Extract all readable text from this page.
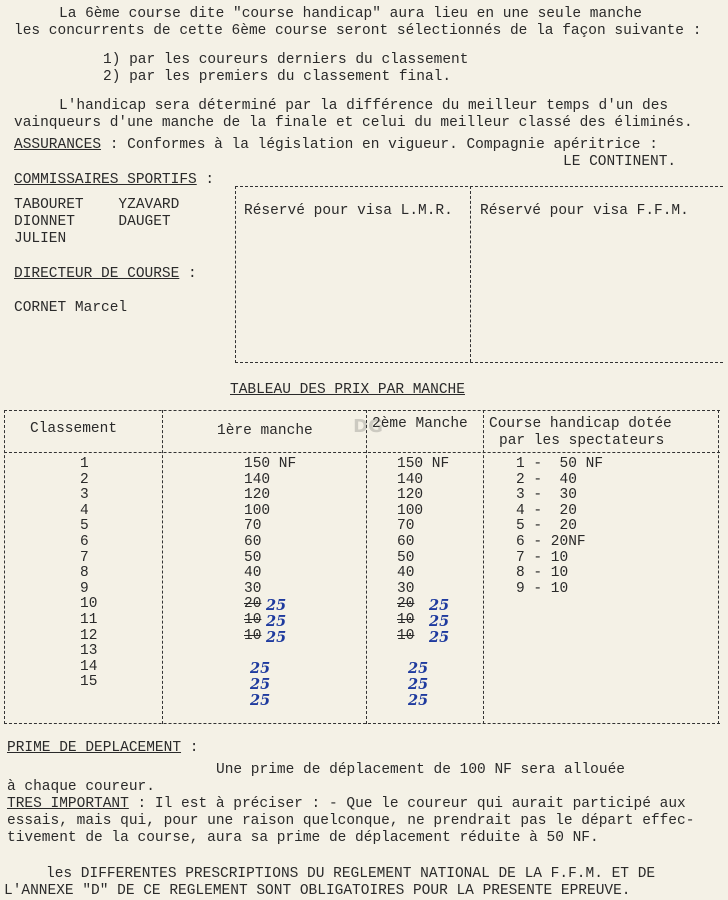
La 6ème course dite "course handicap" aura lieu en une seule manche
les concurrents de cette 6ème course seront sélectionnés de la façon suivante :
1) par les coureurs derniers du classement
2) par les premiers du classement final.
L'handicap sera déterminé par la différence du meilleur temps d'un des
vainqueurs d'une manche de la finale et celui du meilleur classé des éliminés.
ASSURANCES : Conformes à la législation en vigueur. Compagnie apéritrice :
LE CONTINENT.
COMMISSAIRES SPORTIFS :
TABOURET    YZAVARD
DIONNET     DAUGET
JULIEN
Réservé pour visa L.M.R. Réservé pour visa F.F.M.
DIRECTEUR DE COURSE :
CORNET Marcel
TABLEAU DES PRIX PAR MANCHE
Classement	1ère manche	2ème Manche Course handicap dotée
par les spectateurs
1
2
3
4
5
6
7
8
9
10
11
12
13
14
15
150 NF
140
120
100
70
60
50
40
30
20
10
10
150 NF
140
120
100
70
60
50
40
30
20
10
10
1 -  50 NF
2 -  40
3 -  30
4 -  20
5 -  20
6 - 20NF
7 - 10
8 - 10
9 - 10
25
25
25
25
25
25
25
25
25
25
25
25
DG
PRIME DE DEPLACEMENT :
Une prime de déplacement de 100 NF sera allouée
à chaque coureur.
TRES IMPORTANT : Il est à préciser : - Que le coureur qui aurait participé aux
essais, mais qui, pour une raison quelconque, ne prendrait pas le départ effec-
tivement de la course, aura sa prime de déplacement réduite à 50 NF.
les DIFFERENTES PRESCRIPTIONS DU REGLEMENT NATIONAL DE LA F.F.M. ET DE
L'ANNEXE "D" DE CE REGLEMENT SONT OBLIGATOIRES POUR LA PRESENTE EPREUVE.
